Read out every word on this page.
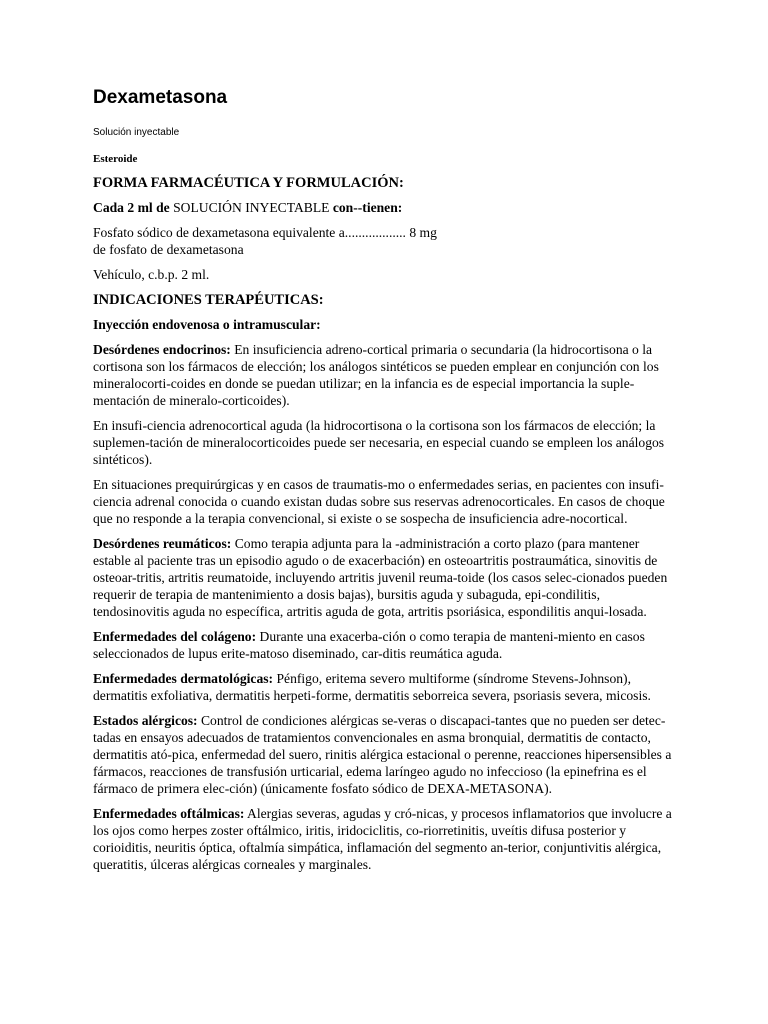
Dexametasona
Solución inyectable
Esteroide
FORMA FARMACÉUTICA Y FORMULACIÓN:
Cada 2 ml de SOLUCIÓN INYECTABLE con--tienen:
Fosfato sódico de dexametasona equivalente a.................. 8 mg
de fosfato de dexametasona
Vehículo, c.b.p. 2 ml.
INDICACIONES TERAPÉUTICAS:
Inyección endovenosa o intramuscular:
Desórdenes endocrinos: En insuficiencia adreno-cortical primaria o secundaria (la hidrocortisona o la cortisona son los fármacos de elección; los análogos sintéticos se pueden emplear en conjunción con los mineralocorti-coides en donde se puedan utilizar; en la infancia es de especial importancia la suple-mentación de mineralo-corticoides).
En insufi-ciencia adrenocortical aguda (la hidrocortisona o la cortisona son los fármacos de elección; la suplemen-tación de mineralocorticoides puede ser necesaria, en especial cuando se empleen los análogos sintéticos).
En situaciones prequirúrgicas y en casos de traumatis-mo o enfermedades serias, en pacientes con insufi-ciencia adrenal conocida o cuando existan dudas sobre sus reservas adrenocorticales. En casos de choque que no responde a la terapia convencional, si existe o se sospecha de insuficiencia adre-nocortical.
Desórdenes reumáticos: Como terapia adjunta para la -administración a corto plazo (para mantener estable al paciente tras un episodio agudo o de exacerbación) en osteoartritis postraumática, sinovitis de osteoar-tritis, artritis reumatoide, incluyendo artritis juvenil reuma-toide (los casos selec-cionados pueden requerir de terapia de mantenimiento a dosis bajas), bursitis aguda y subaguda, epi-condilitis, tendosinovitis aguda no específica, artritis aguda de gota, artritis psoriásica, espondilitis anqui-losada.
Enfermedades del colágeno: Durante una exacerba-ción o como terapia de manteni-miento en casos seleccionados de lupus erite-matoso diseminado, car-ditis reumática aguda.
Enfermedades dermatológicas: Pénfigo, eritema severo multiforme (síndrome Stevens-Johnson), dermatitis exfoliativa, dermatitis herpeti-forme, dermatitis seborreica severa, psoriasis severa, micosis.
Estados alérgicos: Control de condiciones alérgicas se-veras o discapaci-tantes que no pueden ser detec-tadas en ensayos adecuados de tratamientos convencionales en asma bronquial, dermatitis de contacto, dermatitis ató-pica, enfermedad del suero, rinitis alérgica estacional o perenne, reacciones hipersensibles a fármacos, reacciones de transfusión urticarial, edema laríngeo agudo no infeccioso (la epinefrina es el fármaco de primera elec-ción) (únicamente fosfato sódico de DEXA-METASONA).
Enfermedades oftálmicas: Alergias severas, agudas y cró-nicas, y procesos inflamatorios que involucre a los ojos como herpes zoster oftálmico, iritis, iridociclitis, co-riorretinitis, uveítis difusa posterior y corioiditis, neuritis óptica, oftalmía simpática, inflamación del segmento an-terior, conjuntivitis alérgica, queratitis, úlceras alérgicas corneales y marginales.
